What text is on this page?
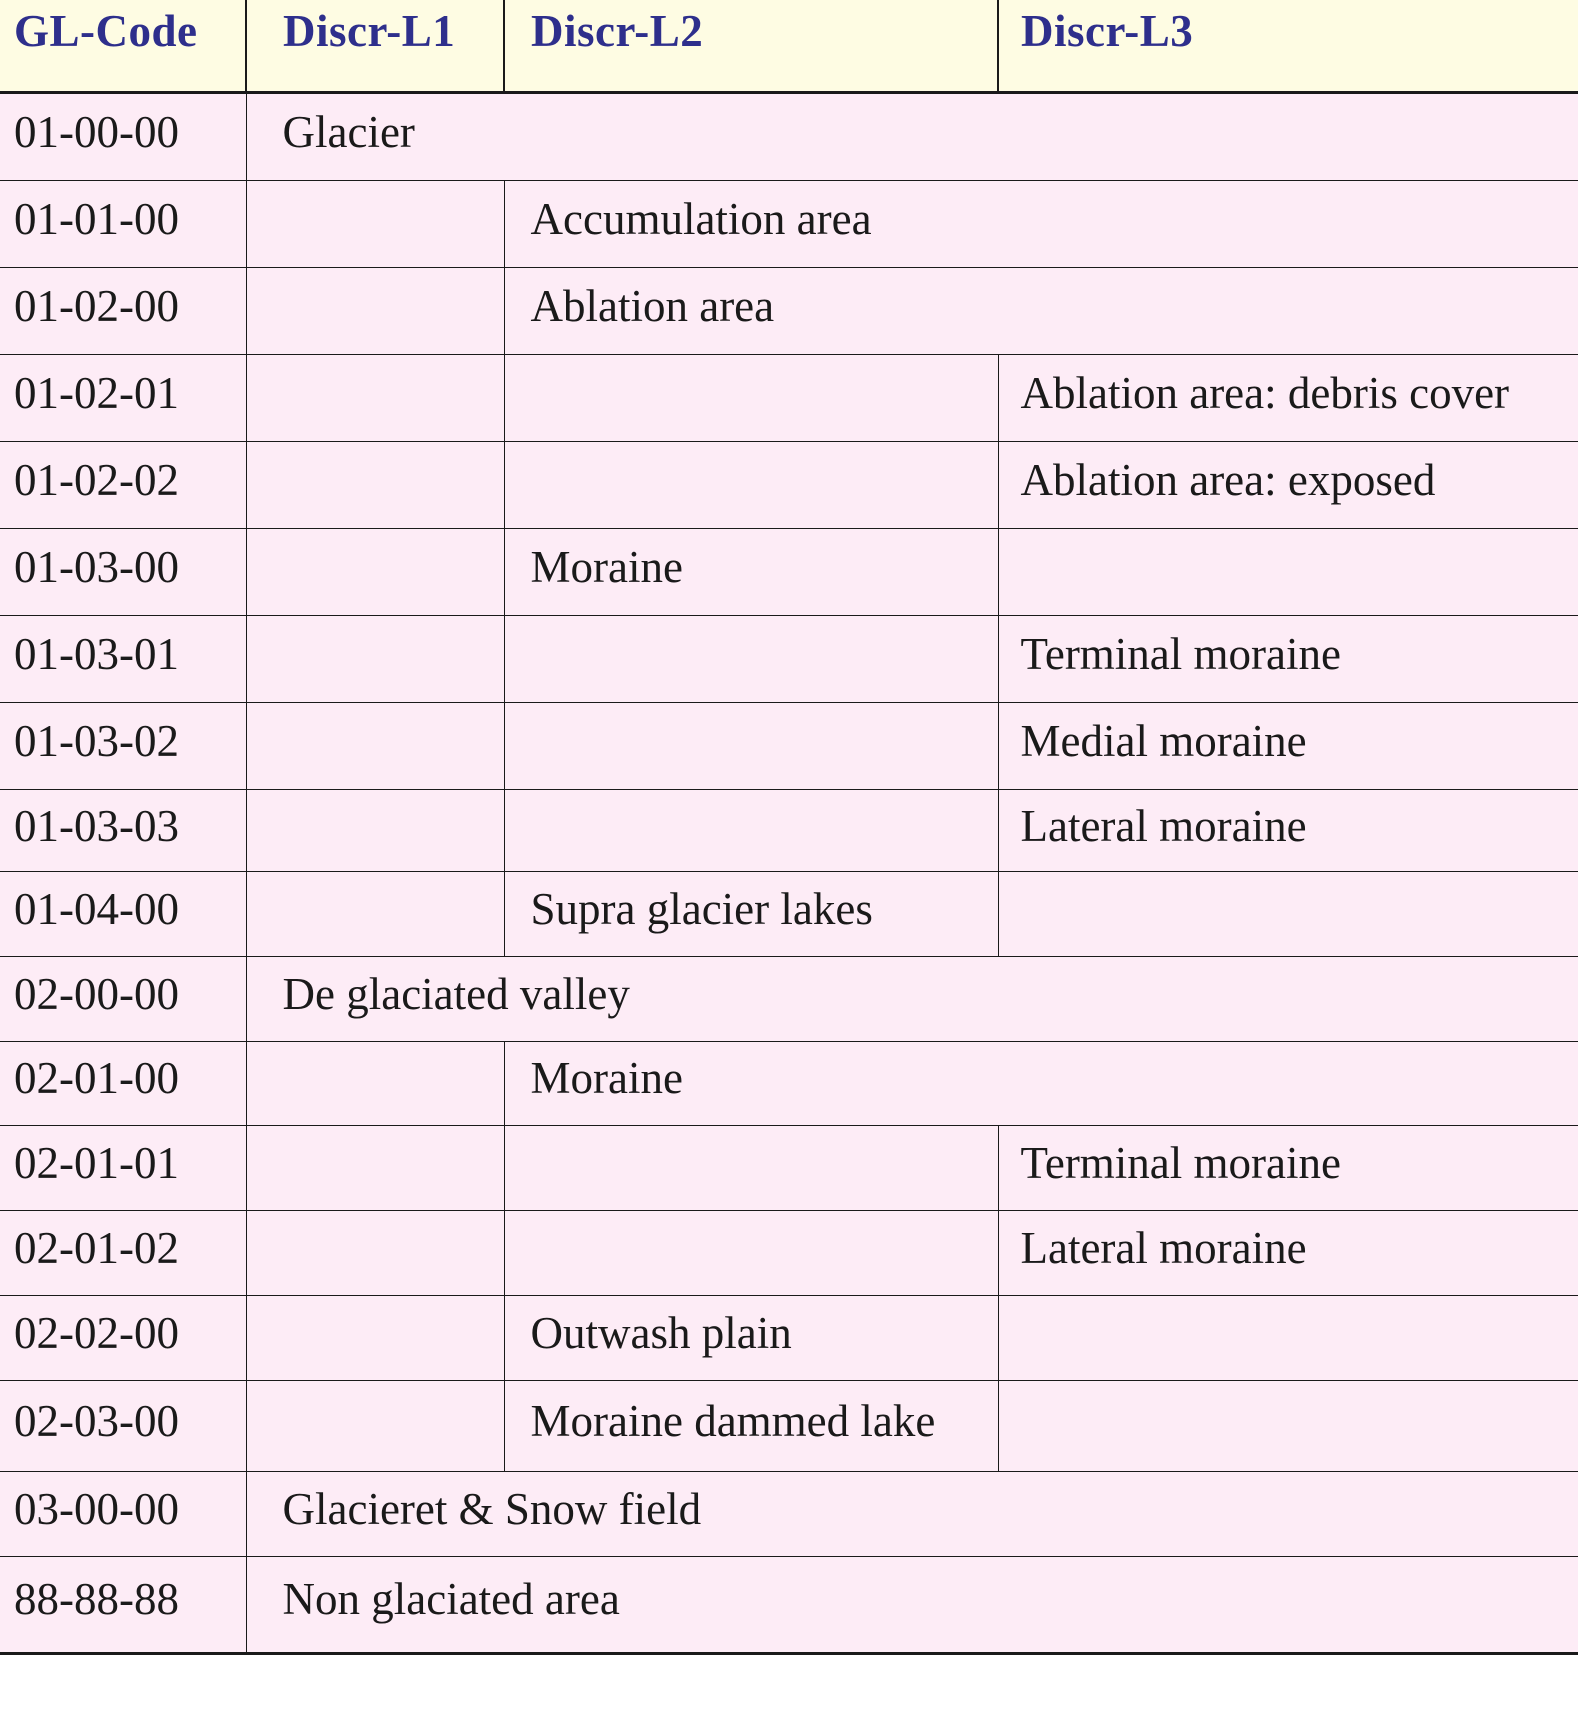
GL-Code	Discr-L1	Discr-L2	Discr-L3
01-00-00	Glacier		
01-01-00		Accumulation area	
01-02-00		Ablation area	
01-02-01			Ablation area: debris cover
01-02-02			Ablation area: exposed
01-03-00		Moraine	
01-03-01			Terminal moraine
01-03-02			Medial moraine
01-03-03			Lateral moraine
01-04-00		Supra glacier lakes	
02-00-00	De glaciated valley		
02-01-00		Moraine	
02-01-01			Terminal moraine
02-01-02			Lateral moraine
02-02-00		Outwash plain	
02-03-00		Moraine dammed lake	
03-00-00	Glacieret & Snow field		
88-88-88	Non glaciated area		
